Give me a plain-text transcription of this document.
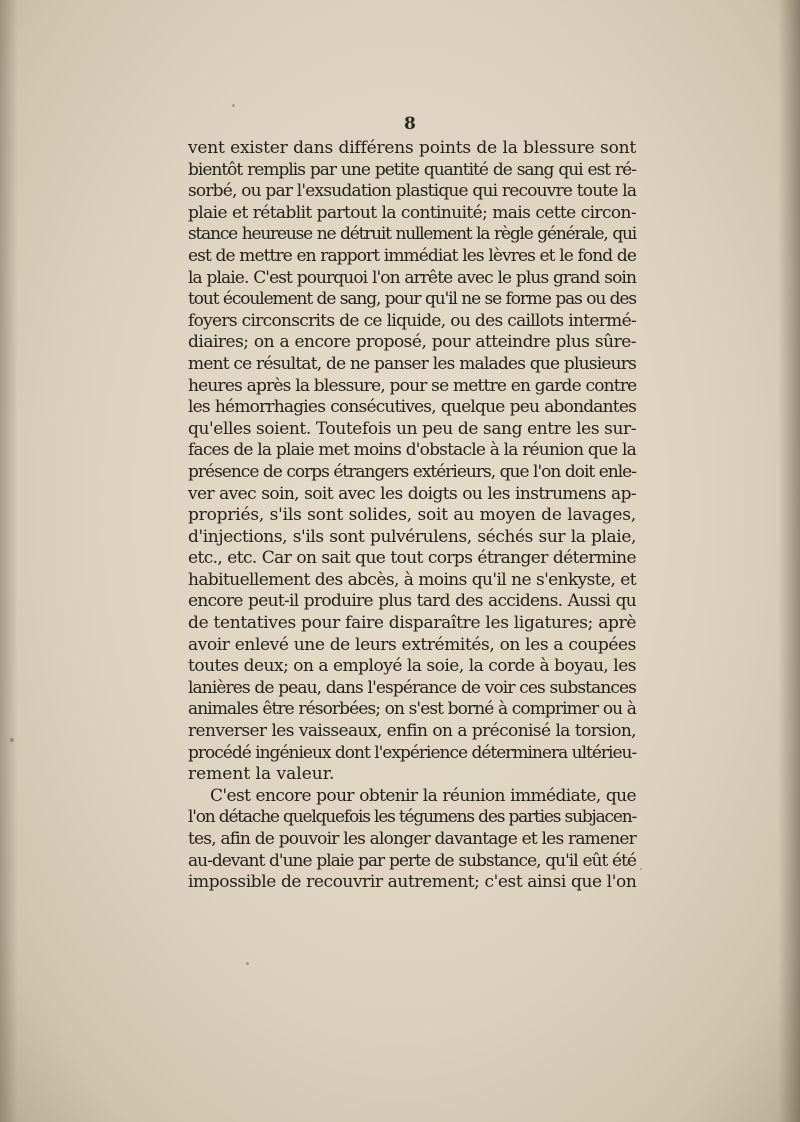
8
vent exister dans différens points de la blessure sont
bientôt remplis par une petite quantité de sang qui est ré-
sorbé, ou par l'exsudation plastique qui recouvre toute la
plaie et rétablit partout la continuité; mais cette circon-
stance heureuse ne détruit nullement la règle générale, qui
est de mettre en rapport immédiat les lèvres et le fond de
la plaie. C'est pourquoi l'on arrête avec le plus grand soin
tout écoulement de sang, pour qu'il ne se forme pas ou des
foyers circonscrits de ce liquide, ou des caillots intermé-
diaires; on a encore proposé, pour atteindre plus sûre-
ment ce résultat, de ne panser les malades que plusieurs
heures après la blessure, pour se mettre en garde contre
les hémorrhagies consécutives, quelque peu abondantes
qu'elles soient. Toutefois un peu de sang entre les sur-
faces de la plaie met moins d'obstacle à la réunion que la
présence de corps étrangers extérieurs, que l'on doit enle-
ver avec soin, soit avec les doigts ou les instrumens ap-
propriés, s'ils sont solides, soit au moyen de lavages,
d'injections, s'ils sont pulvérulens, séchés sur la plaie,
etc., etc. Car on sait que tout corps étranger détermine
habituellement des abcès, à moins qu'il ne s'enkyste, et
encore peut-il produire plus tard des accidens. Aussi qu
de tentatives pour faire disparaître les ligatures; aprè
avoir enlevé une de leurs extrémités, on les a coupées
toutes deux; on a employé la soie, la corde à boyau, les
lanières de peau, dans l'espérance de voir ces substances
animales être résorbées; on s'est borné à comprimer ou à
renverser les vaisseaux, enfin on a préconisé la torsion,
procédé ingénieux dont l'expérience déterminera ultérieu-
rement la valeur.
C'est encore pour obtenir la réunion immédiate, que
l'on détache quelquefois les tégumens des parties subjacen-
tes, afin de pouvoir les alonger davantage et les ramener
au-devant d'une plaie par perte de substance, qu'il eût été
impossible de recouvrir autrement; c'est ainsi que l'on
